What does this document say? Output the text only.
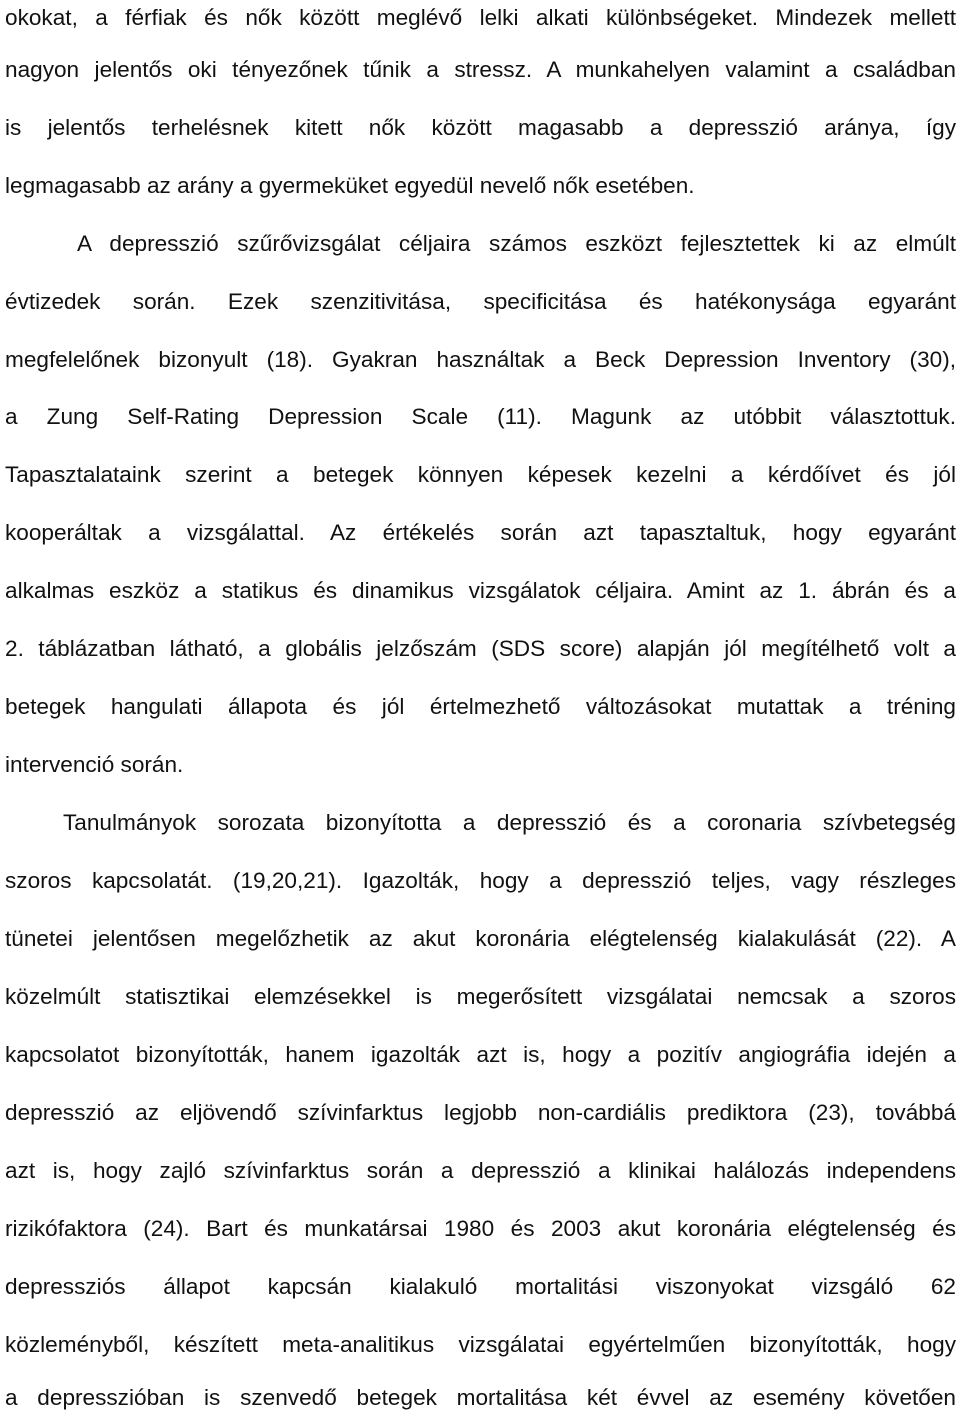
okokat, a férfiak és nők között meglévő lelki alkati különbségeket. Mindezek mellett
nagyon jelentős oki tényezőnek tűnik a stressz. A munkahelyen valamint a családban
is jelentős terhelésnek kitett nők között magasabb a depresszió aránya, így
legmagasabb az arány a gyermeküket egyedül nevelő nők esetében.
A depresszió szűrővizsgálat céljaira számos eszközt fejlesztettek ki az elmúlt
évtizedek során. Ezek szenzitivitása, specificitása és hatékonysága egyaránt
megfelelőnek bizonyult (18). Gyakran használtak a Beck Depression Inventory (30),
a Zung Self-Rating Depression Scale (11). Magunk az utóbbit választottuk.
Tapasztalataink szerint a betegek könnyen képesek kezelni a kérdőívet és jól
kooperáltak a vizsgálattal. Az értékelés során azt tapasztaltuk, hogy egyaránt
alkalmas eszköz a statikus és dinamikus vizsgálatok céljaira. Amint az 1. ábrán és a
2. táblázatban látható, a globális jelzőszám (SDS score) alapján jól megítélhető volt a
betegek hangulati állapota és jól értelmezhető változásokat mutattak a tréning
intervenció során.
Tanulmányok sorozata bizonyította a depresszió és a coronaria szívbetegség
szoros kapcsolatát. (19,20,21). Igazolták, hogy a depresszió teljes, vagy részleges
tünetei jelentősen megelőzhetik az akut koronária elégtelenség kialakulását (22). A
közelmúlt statisztikai elemzésekkel is megerősített vizsgálatai nemcsak a szoros
kapcsolatot bizonyították, hanem igazolták azt is, hogy a pozitív angiográfia idején a
depresszió az eljövendő szívinfarktus legjobb non-cardiális prediktora (23), továbbá
azt is, hogy zajló szívinfarktus során a depresszió a klinikai halálozás independens
rizikófaktora (24). Bart és munkatársai 1980 és 2003 akut koronária elégtelenség és
depressziós állapot kapcsán kialakuló mortalitási viszonyokat vizsgáló 62
közleményből, készített meta-analitikus vizsgálatai egyértelműen bizonyították, hogy
a depresszióban is szenvedő betegek mortalitása két évvel az esemény követően
